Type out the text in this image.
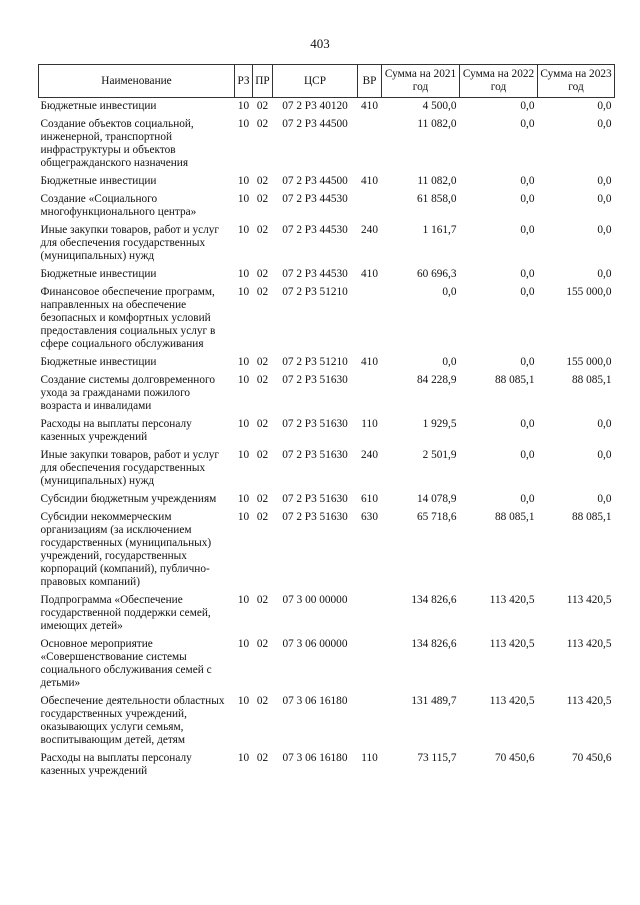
403
Наименование	РЗ	ПР	ЦСР	ВР	Сумма на 2021 год	Сумма на 2022 год	Сумма на 2023 год
Бюджетные инвестиции	10	02	07 2 Р3 40120	410	4 500,0	0,0	0,0
Создание объектов социальной, инженерной, транспортной инфраструктуры и объектов общегражданского назначения	10	02	07 2 Р3 44500		11 082,0	0,0	0,0
Бюджетные инвестиции	10	02	07 2 Р3 44500	410	11 082,0	0,0	0,0
Создание «Социального многофункционального центра»	10	02	07 2 Р3 44530		61 858,0	0,0	0,0
Иные закупки товаров, работ и услуг для обеспечения государственных (муниципальных) нужд	10	02	07 2 Р3 44530	240	1 161,7	0,0	0,0
Бюджетные инвестиции	10	02	07 2 Р3 44530	410	60 696,3	0,0	0,0
Финансовое обеспечение программ, направленных на обеспечение безопасных и комфортных условий предоставления социальных услуг в сфере социального обслуживания	10	02	07 2 Р3 51210		0,0	0,0	155 000,0
Бюджетные инвестиции	10	02	07 2 Р3 51210	410	0,0	0,0	155 000,0
Создание системы долговременного ухода за гражданами пожилого возраста и инвалидами	10	02	07 2 Р3 51630		84 228,9	88 085,1	88 085,1
Расходы на выплаты персоналу казенных учреждений	10	02	07 2 Р3 51630	110	1 929,5	0,0	0,0
Иные закупки товаров, работ и услуг для обеспечения государственных (муниципальных) нужд	10	02	07 2 Р3 51630	240	2 501,9	0,0	0,0
Субсидии бюджетным учреждениям	10	02	07 2 Р3 51630	610	14 078,9	0,0	0,0
Субсидии некоммерческим организациям (за исключением государственных (муниципальных) учреждений, государственных корпораций (компаний), публично-правовых компаний)	10	02	07 2 Р3 51630	630	65 718,6	88 085,1	88 085,1
Подпрограмма «Обеспечение государственной поддержки семей, имеющих детей»	10	02	07 3 00 00000		134 826,6	113 420,5	113 420,5
Основное мероприятие «Совершенствование системы социального обслуживания семей с детьми»	10	02	07 3 06 00000		134 826,6	113 420,5	113 420,5
Обеспечение деятельности областных государственных учреждений, оказывающих услуги семьям, воспитывающим детей, детям	10	02	07 3 06 16180		131 489,7	113 420,5	113 420,5
Расходы на выплаты персоналу казенных учреждений	10	02	07 3 06 16180	110	73 115,7	70 450,6	70 450,6
